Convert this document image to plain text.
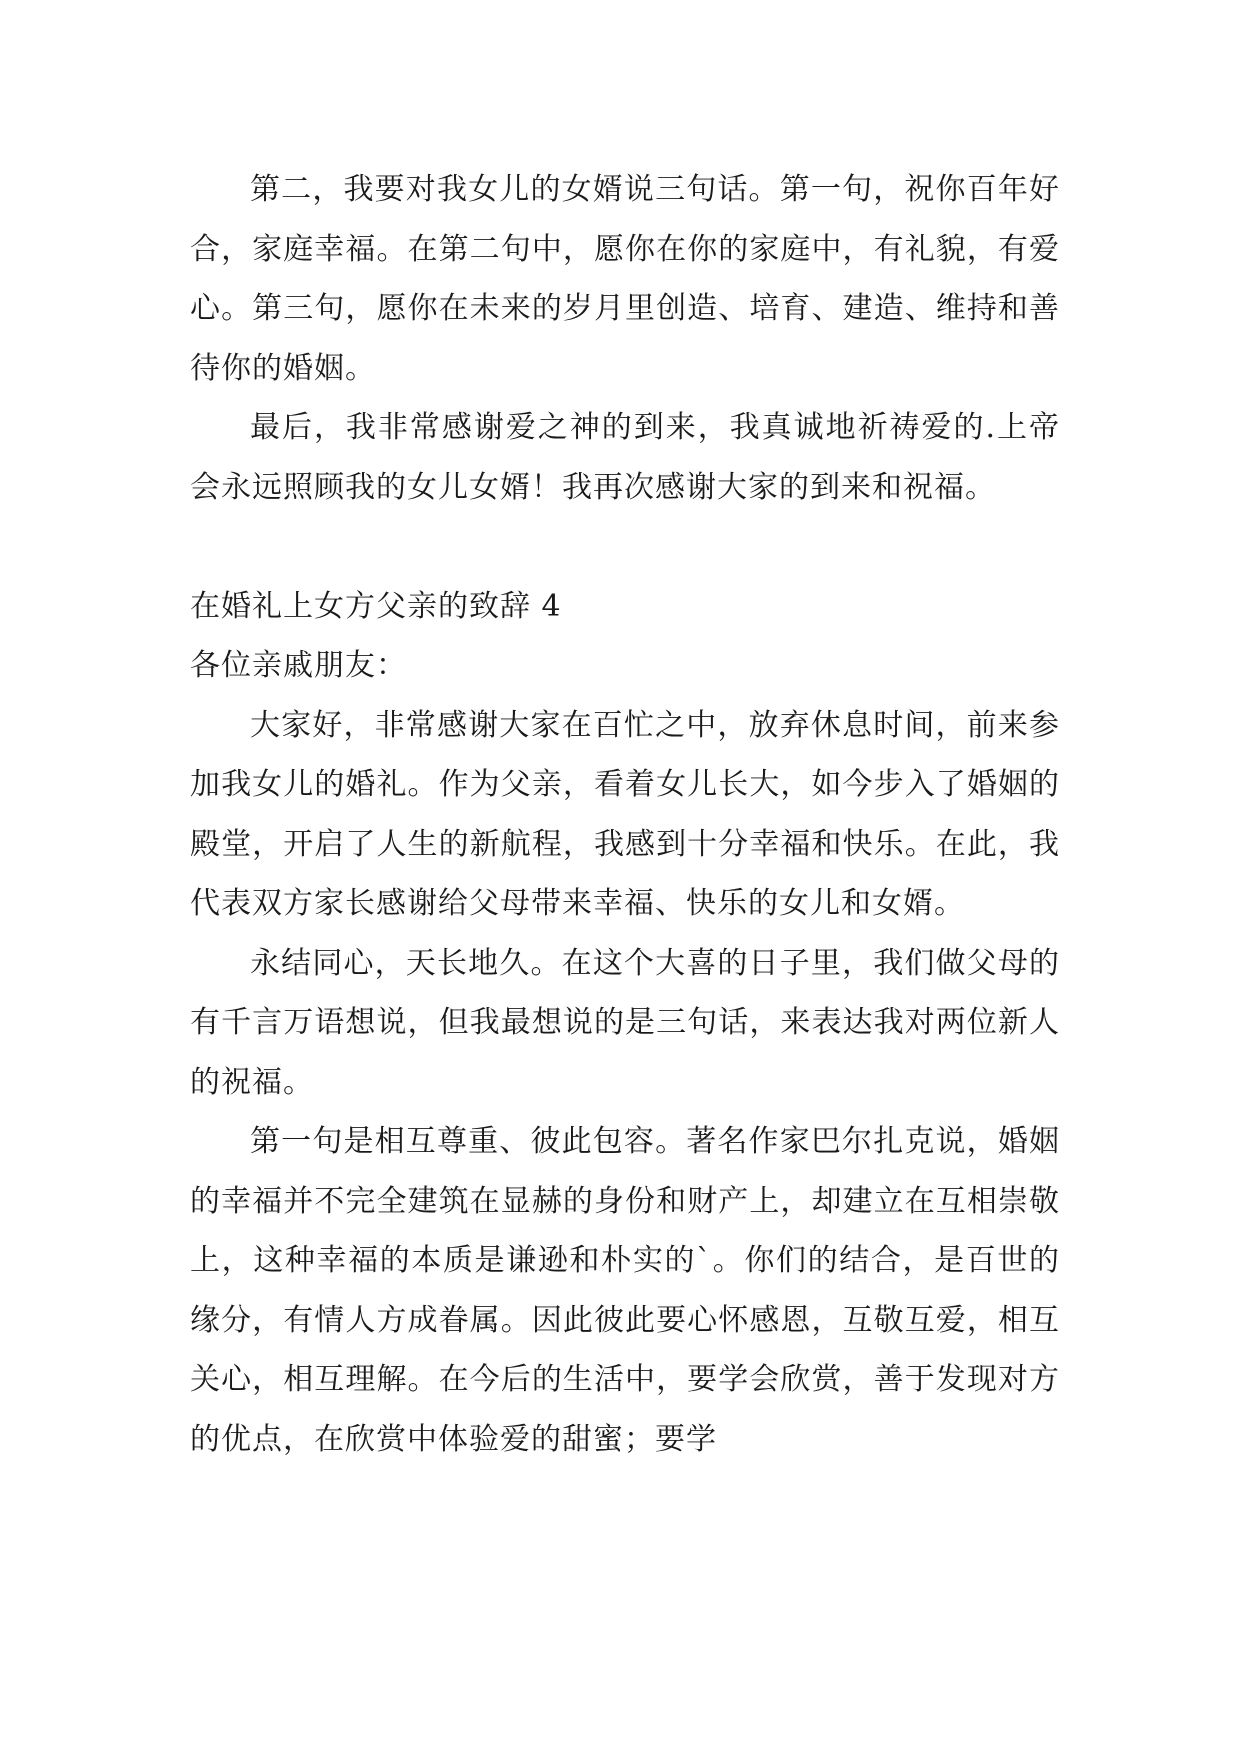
第二，我要对我女儿的女婿说三句话。第一句，祝你百年好合，家庭幸福。在第二句中，愿你在你的家庭中，有礼貌，有爱心。第三句，愿你在未来的岁月里创造、培育、建造、维持和善待你的婚姻。

最后，我非常感谢爱之神的到来，我真诚地祈祷爱的.上帝会永远照顾我的女儿女婿！我再次感谢大家的到来和祝福。

在婚礼上女方父亲的致辞 4

各位亲戚朋友：

大家好，非常感谢大家在百忙之中，放弃休息时间，前来参加我女儿的婚礼。作为父亲，看着女儿长大，如今步入了婚姻的殿堂，开启了人生的新航程，我感到十分幸福和快乐。在此，我代表双方家长感谢给父母带来幸福、快乐的女儿和女婿。

永结同心，天长地久。在这个大喜的日子里，我们做父母的有千言万语想说，但我最想说的是三句话，来表达我对两位新人的祝福。

第一句是相互尊重、彼此包容。著名作家巴尔扎克说，婚姻的幸福并不完全建筑在显赫的身份和财产上，却建立在互相崇敬上，这种幸福的本质是谦逊和朴实的`。你们的结合，是百世的缘分，有情人方成眷属。因此彼此要心怀感恩，互敬互爱，相互关心，相互理解。在今后的生活中，要学会欣赏，善于发现对方的优点，在欣赏中体验爱的甜蜜；要学
